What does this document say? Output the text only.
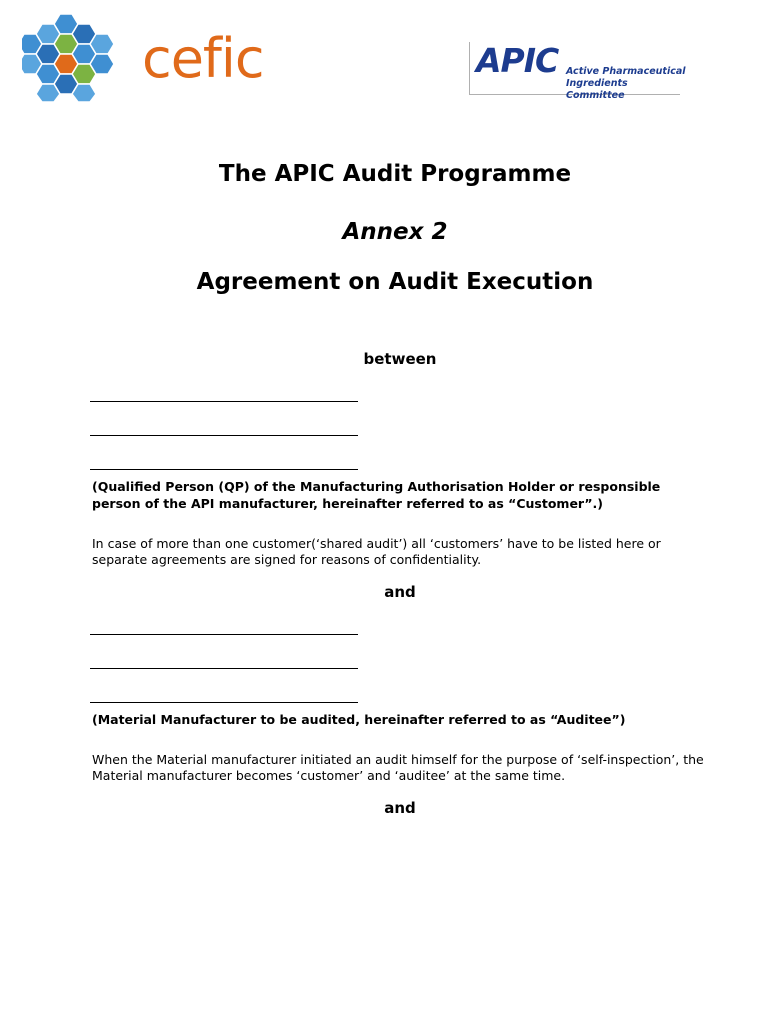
cefic	APIC Active Pharmaceutical Ingredients Committee
The APIC Audit Programme
Annex 2
Agreement on Audit Execution
between
(Qualified Person (QP) of the Manufacturing Authorisation Holder or responsible person of the API manufacturer, hereinafter referred to as “Customer”.)
In case of more than one customer(‘shared audit’) all ‘customers’ have to be listed here or separate agreements are signed for reasons of confidentiality.
and
(Material Manufacturer to be audited, hereinafter referred to as “Auditee”)
When the Material manufacturer initiated an audit himself for the purpose of ‘self-inspection’, the Material manufacturer becomes ‘customer’ and ‘auditee’ at the same time.
and
